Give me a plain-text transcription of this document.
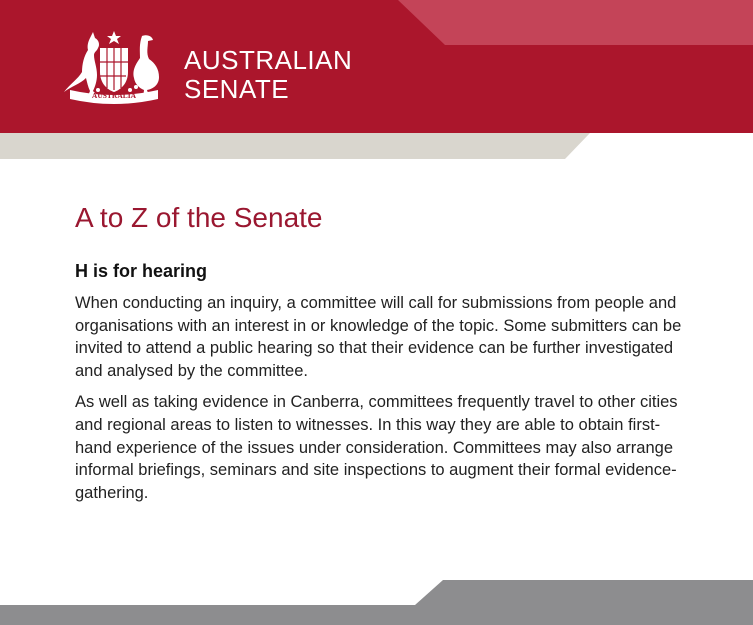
AUSTRALIA
AUSTRALIAN
SENATE
A to Z of the Senate
H is for hearing

When conducting an inquiry, a committee will call for submissions from people and organisations with an interest in or knowledge of the topic. Some submitters can be invited to attend a public hearing so that their evidence can be further investigated and analysed by the committee.

As well as taking evidence in Canberra, committees frequently travel to other cities and regional areas to listen to witnesses. In this way they are able to obtain first-hand experience of the issues under consideration. Committees may also arrange informal briefings, seminars and site inspections to augment their formal evidence-gathering.
